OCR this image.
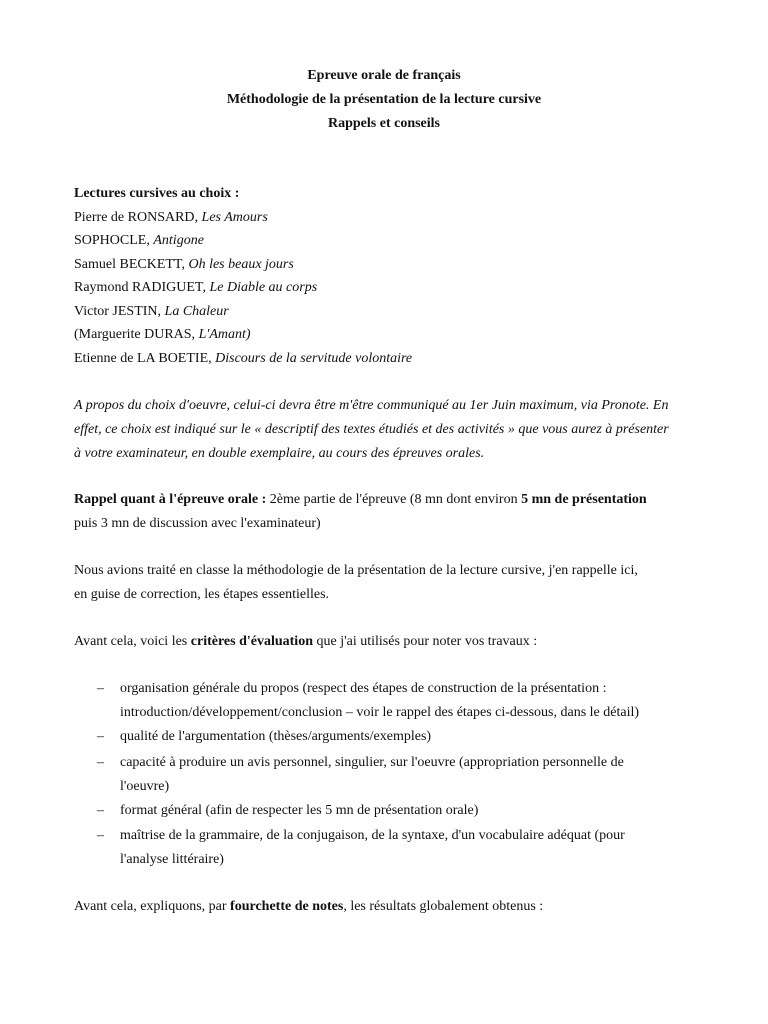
Epreuve orale de français
Méthodologie de la présentation de la lecture cursive
Rappels et conseils
Lectures cursives au choix :
Pierre de RONSARD, Les Amours
SOPHOCLE, Antigone
Samuel BECKETT, Oh les beaux jours
Raymond RADIGUET, Le Diable au corps
Victor JESTIN, La Chaleur
(Marguerite DURAS, L'Amant)
Etienne de LA BOETIE, Discours de la servitude volontaire
A propos du choix d'oeuvre, celui-ci devra être m'être communiqué au 1er Juin maximum, via Pronote. En
effet, ce choix est indiqué sur le « descriptif des textes étudiés et des activités » que vous aurez à présenter
à votre examinateur, en double exemplaire, au cours des épreuves orales.
Rappel quant à l'épreuve orale : 2ème partie de l'épreuve (8 mn dont environ 5 mn de présentation
puis 3 mn de discussion avec l'examinateur)
Nous avions traité en classe la méthodologie de la présentation de la lecture cursive, j'en rappelle ici,
en guise de correction, les étapes essentielles.
Avant cela, voici les critères d'évaluation que j'ai utilisés pour noter vos travaux :
– organisation générale du propos (respect des étapes de construction de la présentation :
introduction/développement/conclusion – voir le rappel des étapes ci-dessous, dans le détail)
– qualité de l'argumentation (thèses/arguments/exemples)
– capacité à produire un avis personnel, singulier, sur l'oeuvre (appropriation personnelle de
l'oeuvre)
– format général (afin de respecter les 5 mn de présentation orale)
– maîtrise de la grammaire, de la conjugaison, de la syntaxe, d'un vocabulaire adéquat (pour
l'analyse littéraire)
Avant cela, expliquons, par fourchette de notes, les résultats globalement obtenus :
